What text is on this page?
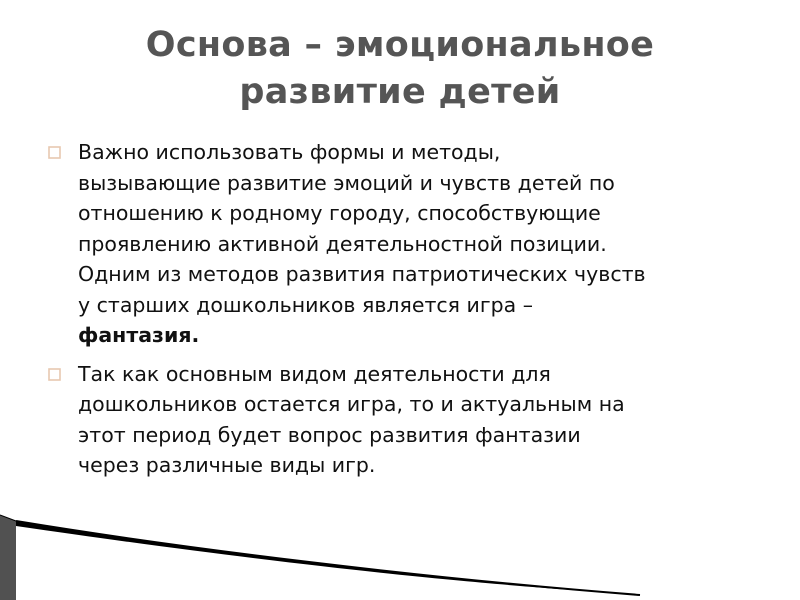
Основа – эмоциональное
развитие детей
Важно использовать формы и методы,
вызывающие развитие эмоций и чувств детей по
отношению к родному городу, способствующие
проявлению активной деятельностной позиции.
Одним из методов развития патриотических чувств
у старших дошкольников является игра –
фантазия.
Так как основным видом деятельности для
дошкольников остается игра, то и актуальным на
этот период будет вопрос развития фантазии
через различные виды игр.
